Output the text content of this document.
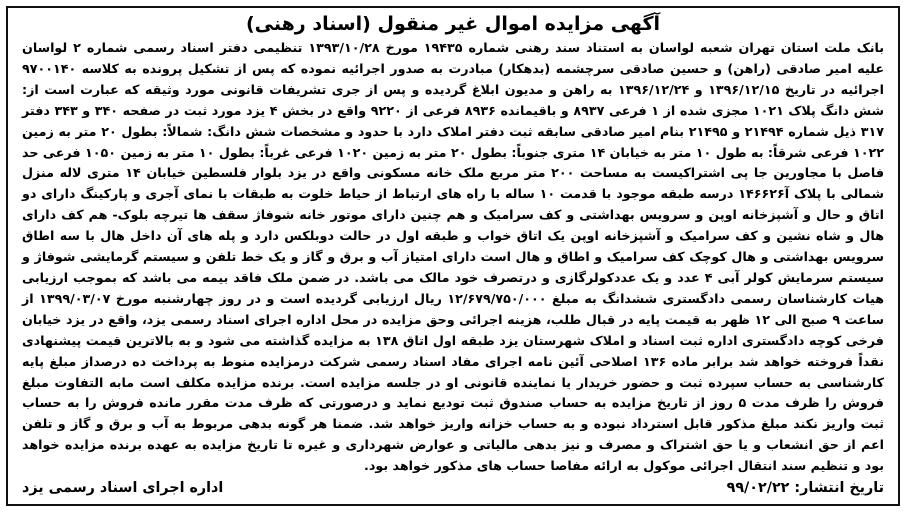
آگهی مزایده اموال غیر منقول (اسناد رهنی)

بانک ملت استان تهران شعبه لواسان به استناد سند رهنی شماره ۱۹۴۳۵ مورخ ۱۳۹۳/۱۰/۲۸ تنظیمی دفتر اسناد رسمی شماره ۲ لواسان علیه امیر صادقی (راهن) و حسین صادقی سرچشمه (بدهکار) مبادرت به صدور اجرائیه نموده که پس از تشکیل پرونده به کلاسه ۹۷۰۰۱۴۰ اجرائیه در تاریخ ۱۳۹۶/۱۲/۱۵ و ۱۳۹۶/۱۲/۲۴ به راهن و مدیون ابلاغ گردیده و پس از جری تشریفات قانونی مورد وثیقه که عبارت است از: شش دانگ پلاک ۱۰۲۱ مجزی شده از ۱ فرعی ۸۹۳۷ و باقیمانده ۸۹۳۶ فرعی از ۹۲۲۰ واقع در بخش ۴ یزد مورد ثبت در صفحه ۳۴۰ و ۳۴۳ دفتر ۳۱۷ ذیل شماره ۲۱۴۹۴ و ۲۱۴۹۵ بنام امیر صادقی سابقه ثبت دفتر املاک دارد با حدود و مشخصات شش دانگ: شمالاً: بطول ۲۰ متر به زمین ۱۰۲۲ فرعی شرقاً: به طول ۱۰ متر به خیابان ۱۴ متری جنوباً: بطول ۲۰ متر به زمین ۱۰۲۰ فرعی غرباً: بطول ۱۰ متر به زمین ۱۰۵۰ فرعی حد فاصل با مجاورین جا پی اشتراکیست به مساحت ۲۰۰ متر مربع ملک خانه مسکونی واقع در یزد بلوار فلسطین خیابان ۱۴ متری لاله منزل شمالی با پلاک آ۱۴۶۶۲۶ درسه طبقه موجود با قدمت ۱۰ ساله با راه های ارتباط از حیاط خلوت به طبقات با نمای آجری و پارکینگ دارای دو اتاق و حال و آشپزخانه اوپن و سرویس بهداشتی و کف سرامیک و هم چنین دارای موتور خانه شوفاژ سقف ها تیرچه بلوک- هم کف دارای هال و شاه نشین و کف سرامیک و آشپزخانه اوپن یک اتاق خواب و طبقه اول در حالت دوبلکس دارد و پله های آن داخل هال با سه اطاق سرویس بهداشتی و هال کوچک کف سرامیک و اطاق و هال است دارای امتیاز آب و برق و گاز و یک خط تلفن و سیستم گرمایشی شوفاژ و سیستم سرمایش کولر آبی ۴ عدد و یک عددکولرگازی و درتصرف خود مالک می باشد. در ضمن ملک فاقد بیمه می باشد که بموجب ارزیابی هیات کارشناسان رسمی دادگستری ششدانگ به مبلغ ۱۲/۶۷۹/۷۵۰/۰۰۰ ریال ارزیابی گردیده است و در روز چهارشنبه مورخ ۱۳۹۹/۰۳/۰۷ از ساعت ۹ صبح الی ۱۲ ظهر به قیمت پایه در قبال طلب، هزینه اجرائی وحق مزایده در محل اداره اجرای اسناد رسمی یزد، واقع در یزد خیابان فرخی کوچه دادگستری اداره ثبت اسناد و املاک شهرستان یزد طبقه اول اتاق ۱۳۸ به مزایده گذاشته می شود و به بالاترین قیمت پیشنهادی نقداً فروخته خواهد شد برابر ماده ۱۳۶ اصلاحی آئین نامه اجرای مفاد اسناد رسمی شرکت درمزایده منوط به پرداخت ده درصداز مبلغ پایه کارشناسی به حساب سپرده ثبت و حضور خریدار یا نماینده قانونی او در جلسه مزایده است. برنده مزایده مکلف است مابه التفاوت مبلغ فروش را ظرف مدت ۵ روز از تاریخ مزایده به حساب صندوق ثبت تودیع نماید و درصورتی که ظرف مدت مقرر مانده فروش را به حساب ثبت واریز نکند مبلغ مذکور قابل استرداد نبوده و به حساب خزانه واریز خواهد شد. ضمنا هر گونه بدهی مربوط به آب و برق و گاز و تلفن اعم از حق انشعاب و یا حق اشتراک و مصرف و نیز بدهی مالیاتی و عوارض شهرداری و غیره تا تاریخ مزایده به عهده برنده مزایده خواهد بود و تنظیم سند انتقال اجرائی موکول به ارائه مفاصا حساب های مذکور خواهد بود.

تاریخ انتشار: ۹۹/۰۲/۲۲
اداره اجرای اسناد رسمی یزد
